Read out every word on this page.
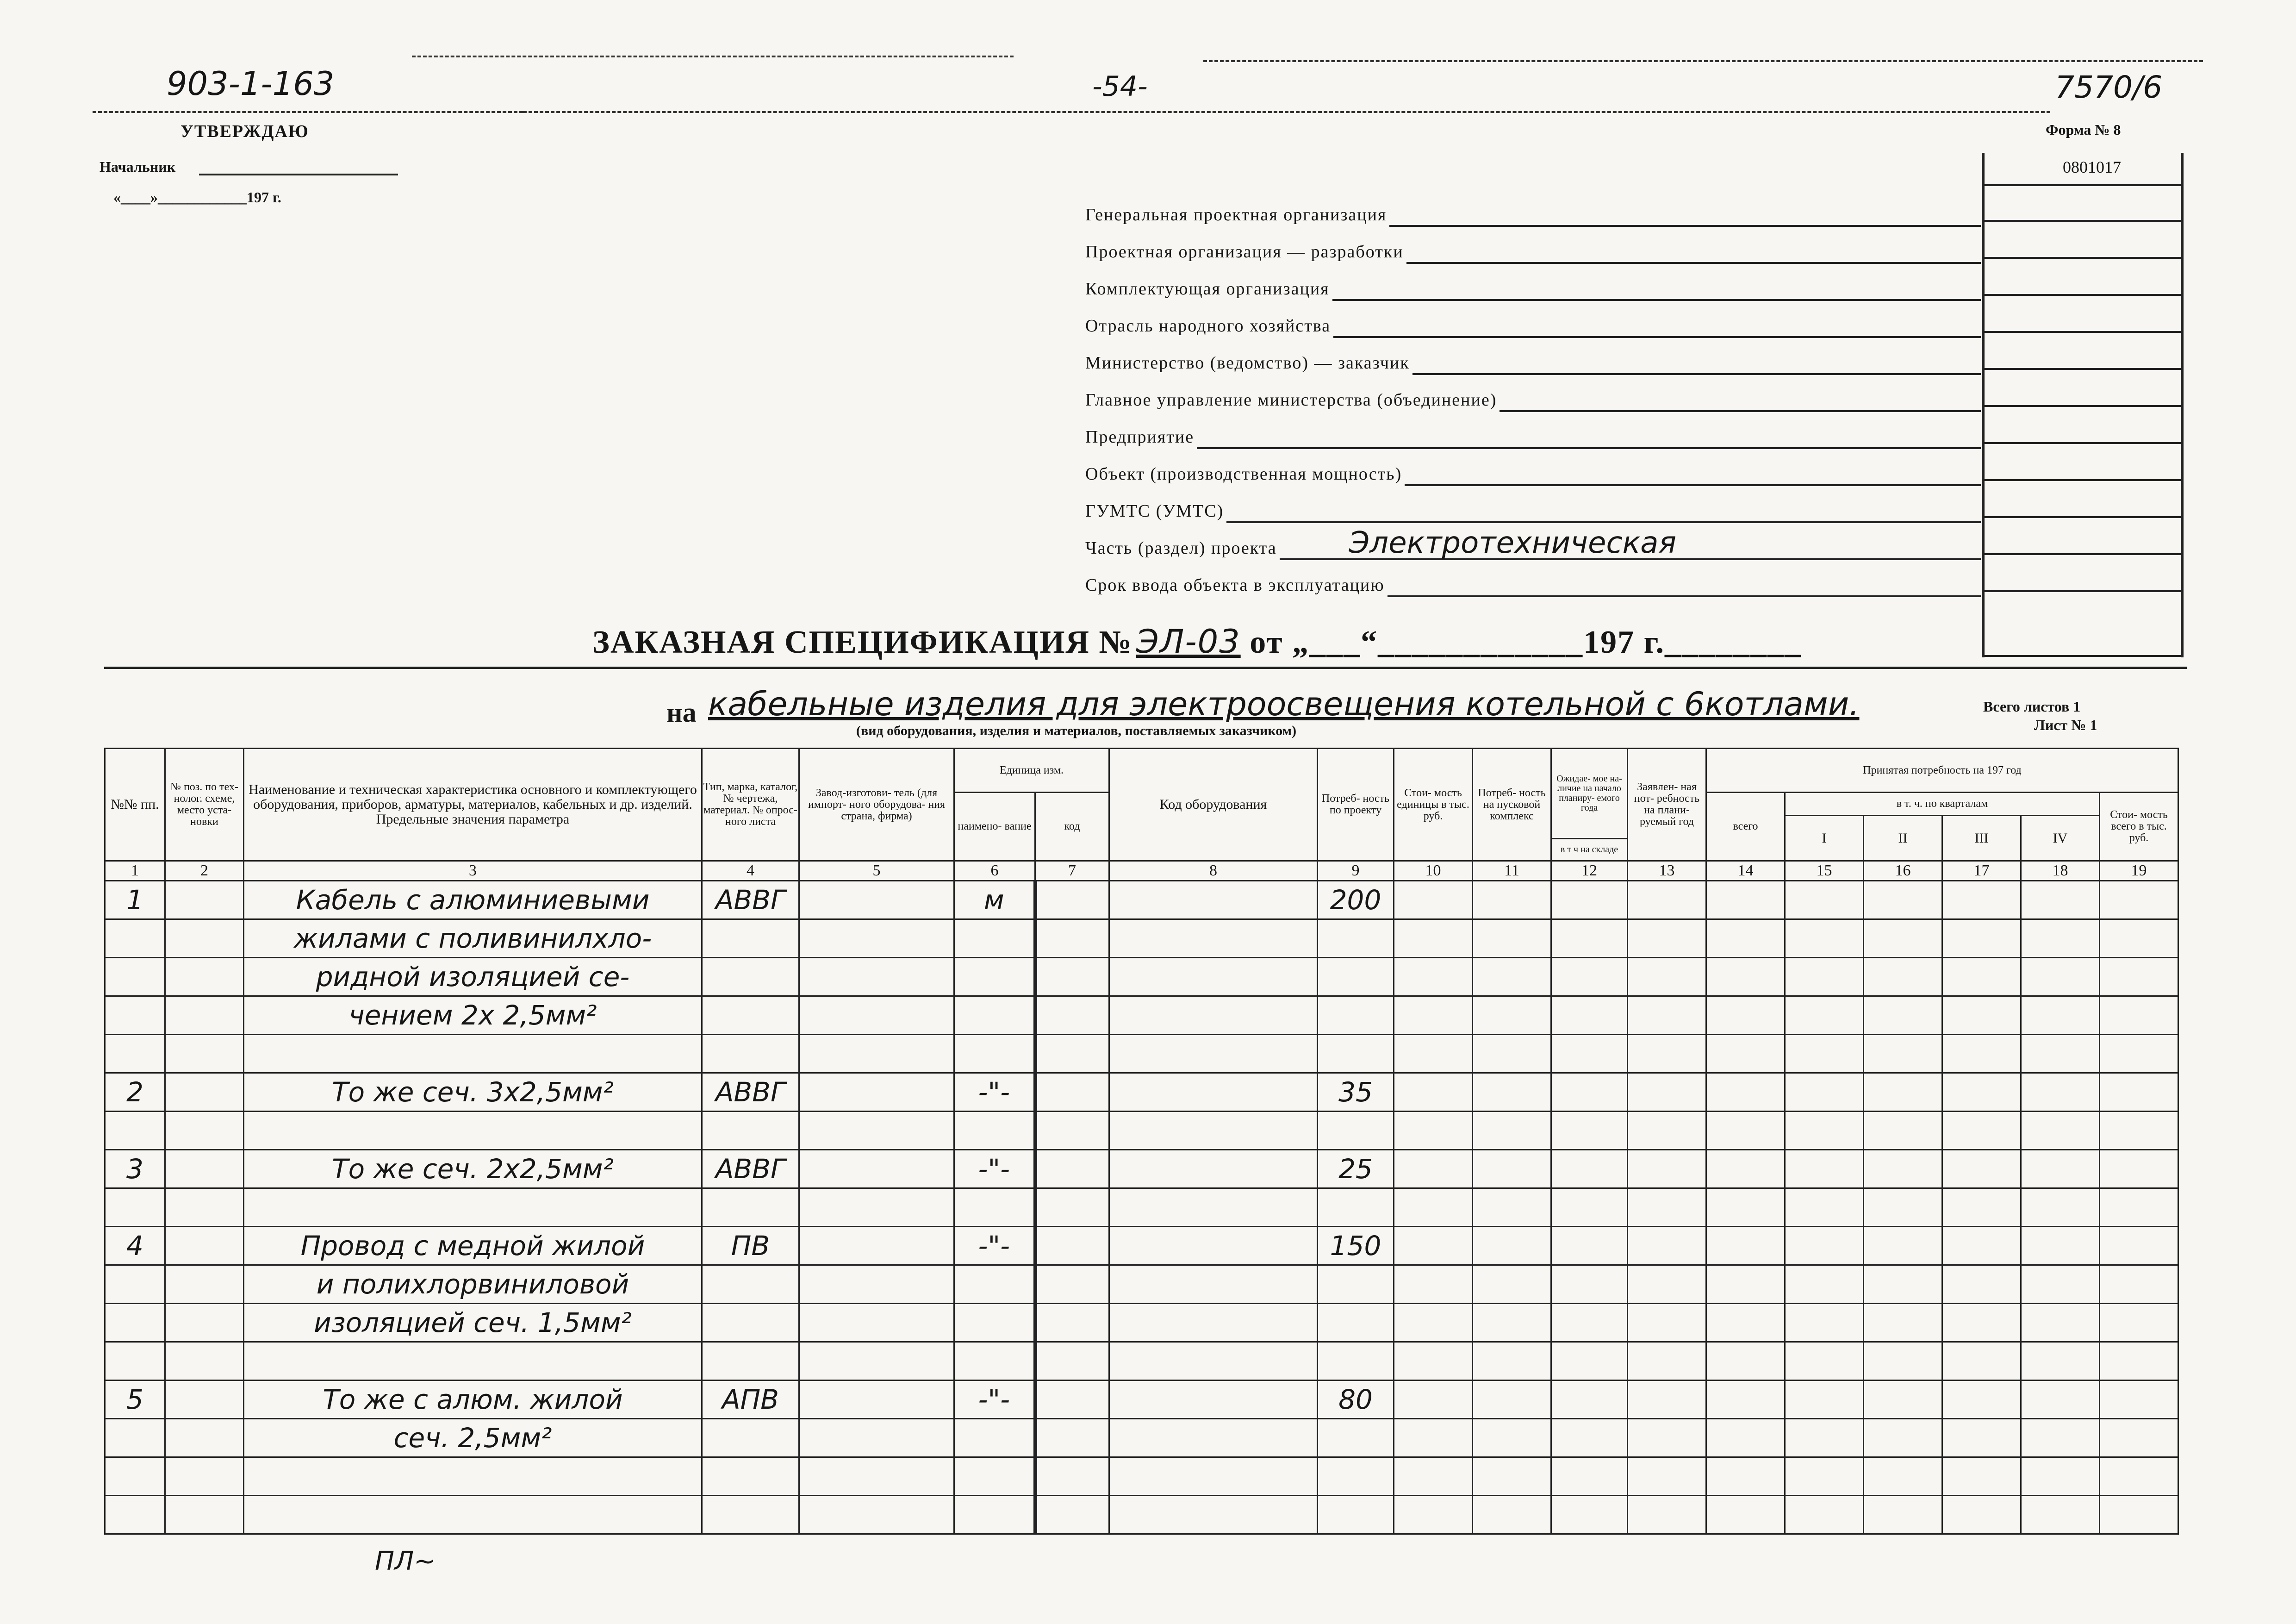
903-1-163	-54-	7570/6
УТВЕРЖДАЮ
Начальник
«____»____________197 г.
Форма № 8
0801017
Генеральная проектная организация
Проектная организация — разработки
Комплектующая организация
Отрасль народного хозяйства
Министерство (ведомство) — заказчик
Главное управление министерства (объединение)
Предприятие
Объект (производственная мощность)
ГУМТС (УМТС)
Часть (раздел) проекта Электротехническая
Срок ввода объекта в эксплуатацию
ЗАКАЗНАЯ СПЕЦИФИКАЦИЯ № ЭЛ-03 от „___“____________197 г.________
на кабельные изделия для электроосвещения котельной с 6котлами.
(вид оборудования, изделия и материалов, поставляемых заказчиком)
Всего листов 1
Лист № 1
№№ пп.	№ поз. по тех- нолог. схеме, место уста- новки	Наименование и техническая характеристика основного и комплектующего оборудования, приборов, арматуры, материалов, кабельных и др. изделий. Предельные значения параметра	Тип, марка, каталог, № чертежа, материал. № опрос- ного листа	Завод-изготови- тель (для импорт- ного оборудова- ния страна, фирма)	Единица изм.		Код оборудования	Потреб- ность по проекту	Стои- мость единицы в тыс. руб.	Потреб- ность на пусковой комплекс	Ожидае- мое на- личие на начало планиру- емого года	Заявлен- ная пот- ребность на плани- руемый год	Принятая потребность на 197 год					
					наимено- вание	код							всего	в т. ч. по кварталам				Стои- мость всего в тыс. руб.
														I	II	III	IV	
											в т ч на складе							
1	2	3	4	5	6	7	8	9	10	11	12	13	14	15	16	17	18	19
1		Кабель с алюминиевыми	АВВГ		м			200										
		жилами с поливинилхло-																
		ридной изоляцией се-																
		чением 2х 2,5мм²																

2		То же сеч. 3х2,5мм²	АВВГ		-"-			35										

3		То же сеч. 2х2,5мм²	АВВГ		-"-			25										

4		Провод с медной жилой	ПВ		-"-			150										
		и полихлорвиниловой																
		изоляцией сеч. 1,5мм²																

5		То же с алюм. жилой	АПВ		-"-			80										
		сеч. 2,5мм²																

ПЛ~
